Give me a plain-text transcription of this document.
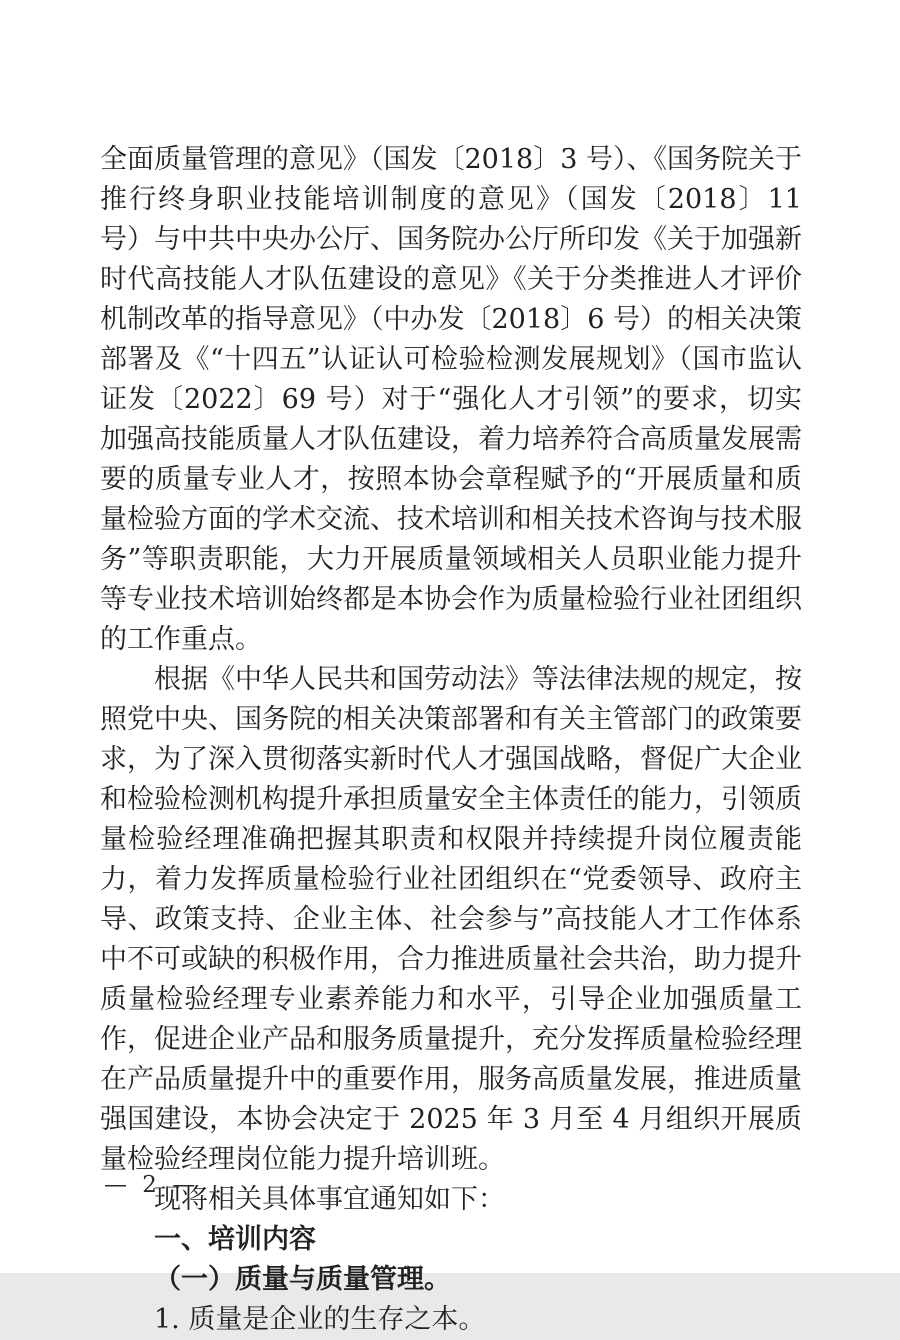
全面质量管理的意见》（国发〔2018〕3 号）、《国务院关于推行终身职业技能培训制度的意见》（国发〔2018〕11 号）与中共中央办公厅、国务院办公厅所印发《关于加强新时代高技能人才队伍建设的意见》《关于分类推进人才评价机制改革的指导意见》（中办发〔2018〕6 号）的相关决策部署及《“十四五”认证认可检验检测发展规划》（国市监认证发〔2022〕69 号）对于“强化人才引领”的要求，切实加强高技能质量人才队伍建设，着力培养符合高质量发展需要的质量专业人才，按照本协会章程赋予的“开展质量和质量检验方面的学术交流、技术培训和相关技术咨询与技术服务”等职责职能，大力开展质量领域相关人员职业能力提升等专业技术培训始终都是本协会作为质量检验行业社团组织的工作重点。

根据《中华人民共和国劳动法》等法律法规的规定，按照党中央、国务院的相关决策部署和有关主管部门的政策要求，为了深入贯彻落实新时代人才强国战略，督促广大企业和检验检测机构提升承担质量安全主体责任的能力，引领质量检验经理准确把握其职责和权限并持续提升岗位履责能力，着力发挥质量检验行业社团组织在“党委领导、政府主导、政策支持、企业主体、社会参与”高技能人才工作体系中不可或缺的积极作用，合力推进质量社会共治，助力提升质量检验经理专业素养能力和水平，引导企业加强质量工作，促进企业产品和服务质量提升，充分发挥质量检验经理在产品质量提升中的重要作用，服务高质量发展，推进质量强国建设，本协会决定于 2025 年 3 月至 4 月组织开展质量检验经理岗位能力提升培训班。

现将相关具体事宜通知如下：

一、培训内容
（一）质量与质量管理。

1. 质量是企业的生存之本。

— 2 —
